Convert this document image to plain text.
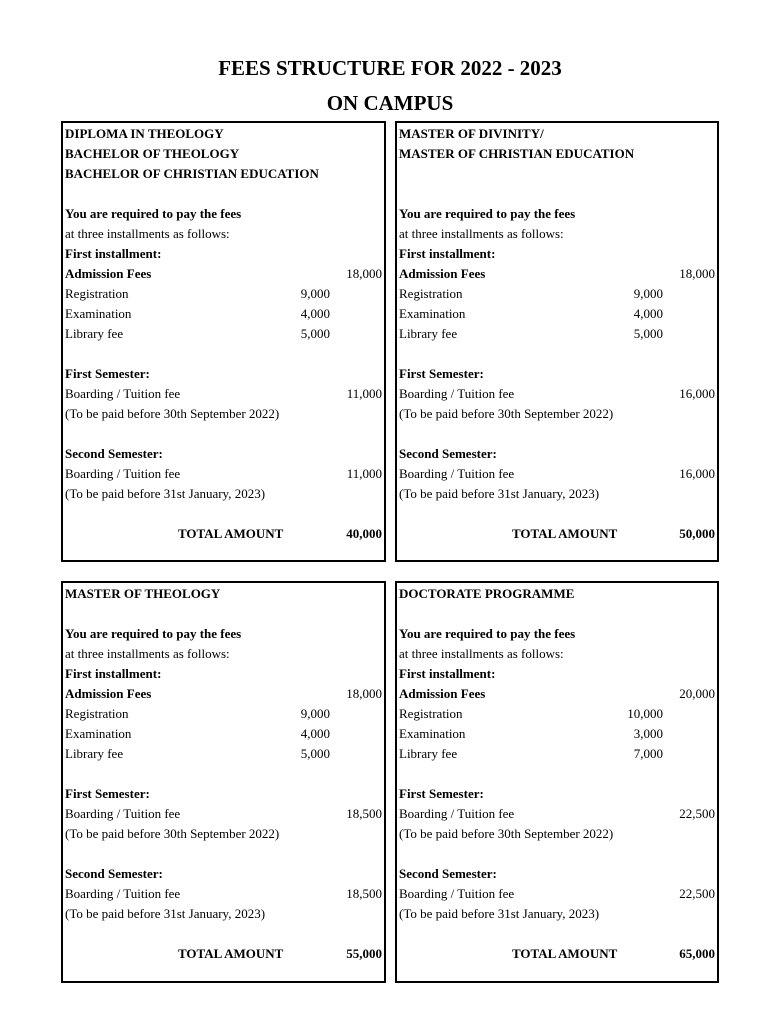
FEES STRUCTURE FOR 2022 - 2023
ON CAMPUS
DIPLOMA IN THEOLOGY
BACHELOR OF THEOLOGY
BACHELOR OF CHRISTIAN EDUCATION
You are required to pay the fees
at three installments as follows:
First installment:
Admission Fees	18,000
Registration	9,000
Examination	4,000
Library fee	5,000
First Semester:
Boarding / Tuition fee	11,000
(To be paid before 30th September 2022)
Second Semester:
Boarding / Tuition fee	11,000
(To be paid before 31st January, 2023)
TOTAL AMOUNT	40,000
MASTER OF DIVINITY/
MASTER OF CHRISTIAN EDUCATION
You are required to pay the fees
at three installments as follows:
First installment:
Admission Fees	18,000
Registration	9,000
Examination	4,000
Library fee	5,000
First Semester:
Boarding / Tuition fee	16,000
(To be paid before 30th September 2022)
Second Semester:
Boarding / Tuition fee	16,000
(To be paid before 31st January, 2023)
TOTAL AMOUNT	50,000
MASTER OF THEOLOGY
You are required to pay the fees
at three installments as follows:
First installment:
Admission Fees	18,000
Registration	9,000
Examination	4,000
Library fee	5,000
First Semester:
Boarding / Tuition fee	18,500
(To be paid before 30th September 2022)
Second Semester:
Boarding / Tuition fee	18,500
(To be paid before 31st January, 2023)
TOTAL AMOUNT	55,000
DOCTORATE PROGRAMME
You are required to pay the fees
at three installments as follows:
First installment:
Admission Fees	20,000
Registration	10,000
Examination	3,000
Library fee	7,000
First Semester:
Boarding / Tuition fee	22,500
(To be paid before 30th September 2022)
Second Semester:
Boarding / Tuition fee	22,500
(To be paid before 31st January, 2023)
TOTAL AMOUNT	65,000
